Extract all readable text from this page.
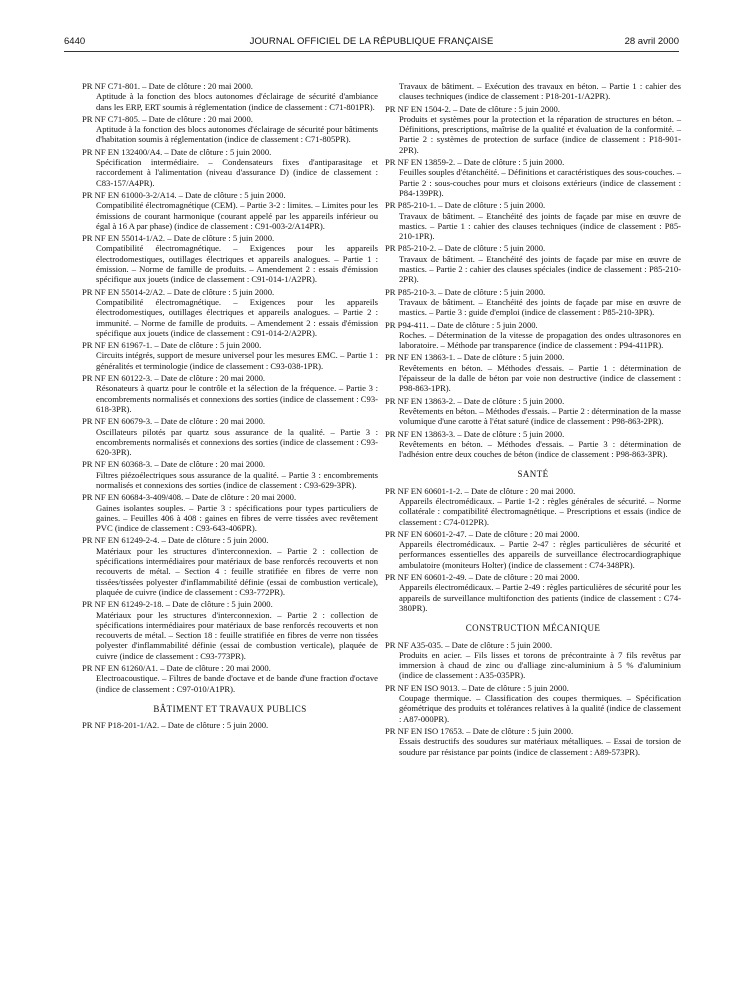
6440	JOURNAL OFFICIEL DE LA RÉPUBLIQUE FRANÇAISE	28 avril 2000
PR NF C71-801. – Date de clôture : 20 mai 2000.
Aptitude à la fonction des blocs autonomes d'éclairage de sécurité d'ambiance dans les ERP, ERT soumis à réglementation (indice de classement : C71-801PR).
PR NF C71-805. – Date de clôture : 20 mai 2000.
Aptitude à la fonction des blocs autonomes d'éclairage de sécurité pour bâtiments d'habitation soumis à réglementation (indice de classement : C71-805PR).
PR NF EN 132400/A4. – Date de clôture : 5 juin 2000.
Spécification intermédiaire. – Condensateurs fixes d'antiparasitage et raccordement à l'alimentation (niveau d'assurance D) (indice de classement : C83-157/A4PR).
PR NF EN 61000-3-2/A14. – Date de clôture : 5 juin 2000.
Compatibilité électromagnétique (CEM). – Partie 3-2 : limites. – Limites pour les émissions de courant harmonique (courant appelé par les appareils inférieur ou égal à 16 A par phase) (indice de classement : C91-003-2/A14PR).
PR NF EN 55014-1/A2. – Date de clôture : 5 juin 2000.
Compatibilité électromagnétique. – Exigences pour les appareils électrodomestiques, outillages électriques et appareils analogues. – Partie 1 : émission. – Norme de famille de produits. – Amendement 2 : essais d'émission spécifique aux jouets (indice de classement : C91-014-1/A2PR).
PR NF EN 55014-2/A2. – Date de clôture : 5 juin 2000.
Compatibilité électromagnétique. – Exigences pour les appareils électrodomestiques, outillages électriques et appareils analogues. – Partie 2 : immunité. – Norme de famille de produits. – Amendement 2 : essais d'émission spécifique aux jouets (indice de classement : C91-014-2/A2PR).
PR NF EN 61967-1. – Date de clôture : 5 juin 2000.
Circuits intégrés, support de mesure universel pour les mesures EMC. – Partie 1 : généralités et terminologie (indice de classement : C93-038-1PR).
PR NF EN 60122-3. – Date de clôture : 20 mai 2000.
Résonateurs à quartz pour le contrôle et la sélection de la fréquence. – Partie 3 : encombrements normalisés et connexions des sorties (indice de classement : C93-618-3PR).
PR NF EN 60679-3. – Date de clôture : 20 mai 2000.
Oscillateurs pilotés par quartz sous assurance de la qualité. – Partie 3 : encombrements normalisés et connexions des sorties (indice de classement : C93-620-3PR).
PR NF EN 60368-3. – Date de clôture : 20 mai 2000.
Filtres piézoélectriques sous assurance de la qualité. – Partie 3 : encombrements normalisés et connexions des sorties (indice de classement : C93-629-3PR).
PR NF EN 60684-3-409/408. – Date de clôture : 20 mai 2000.
Gaines isolantes souples. – Partie 3 : spécifications pour types particuliers de gaines. – Feuilles 406 à 408 : gaines en fibres de verre tissées avec revêtement PVC (indice de classement : C93-643-406PR).
PR NF EN 61249-2-4. – Date de clôture : 5 juin 2000.
Matériaux pour les structures d'interconnexion. – Partie 2 : collection de spécifications intermédiaires pour matériaux de base renforcés recouverts et non recouverts de métal. – Section 4 : feuille stratifiée en fibres de verre non tissées/tissées polyester d'inflammabilité définie (essai de combustion verticale), plaquée de cuivre (indice de classement : C93-772PR).
PR NF EN 61249-2-18. – Date de clôture : 5 juin 2000.
Matériaux pour les structures d'interconnexion. – Partie 2 : collection de spécifications intermédiaires pour matériaux de base renforcés recouverts et non recouverts de métal. – Section 18 : feuille stratifiée en fibres de verre non tissées polyester d'inflammabilité définie (essai de combustion verticale), plaquée de cuivre (indice de classement : C93-773PR).
PR NF EN 61260/A1. – Date de clôture : 20 mai 2000.
Electroacoustique. – Filtres de bande d'octave et de bande d'une fraction d'octave (indice de classement : C97-010/A1PR).
BÂTIMENT ET TRAVAUX PUBLICS
PR NF P18-201-1/A2. – Date de clôture : 5 juin 2000.
Travaux de bâtiment. – Exécution des travaux en béton. – Partie 1 : cahier des clauses techniques (indice de classement : P18-201-1/A2PR).
PR NF EN 1504-2. – Date de clôture : 5 juin 2000.
Produits et systèmes pour la protection et la réparation de structures en béton. – Définitions, prescriptions, maîtrise de la qualité et évaluation de la conformité. – Partie 2 : systèmes de protection de surface (indice de classement : P18-901-2PR).
PR NF EN 13859-2. – Date de clôture : 5 juin 2000.
Feuilles souples d'étanchéité. – Définitions et caractéristiques des sous-couches. – Partie 2 : sous-couches pour murs et cloisons extérieurs (indice de classement : P84-139PR).
PR P85-210-1. – Date de clôture : 5 juin 2000.
Travaux de bâtiment. – Etanchéité des joints de façade par mise en œuvre de mastics. – Partie 1 : cahier des clauses techniques (indice de classement : P85-210-1PR).
PR P85-210-2. – Date de clôture : 5 juin 2000.
Travaux de bâtiment. – Etanchéité des joints de façade par mise en œuvre de mastics. – Partie 2 : cahier des clauses spéciales (indice de classement : P85-210-2PR).
PR P85-210-3. – Date de clôture : 5 juin 2000.
Travaux de bâtiment. – Etanchéité des joints de façade par mise en œuvre de mastics. – Partie 3 : guide d'emploi (indice de classement : P85-210-3PR).
PR P94-411. – Date de clôture : 5 juin 2000.
Roches. – Détermination de la vitesse de propagation des ondes ultrasonores en laboratoire. – Méthode par transparence (indice de classement : P94-411PR).
PR NF EN 13863-1. – Date de clôture : 5 juin 2000.
Revêtements en béton. – Méthodes d'essais. – Partie 1 : détermination de l'épaisseur de la dalle de béton par voie non destructive (indice de classement : P98-863-1PR).
PR NF EN 13863-2. – Date de clôture : 5 juin 2000.
Revêtements en béton. – Méthodes d'essais. – Partie 2 : détermination de la masse volumique d'une carotte à l'état saturé (indice de classement : P98-863-2PR).
PR NF EN 13863-3. – Date de clôture : 5 juin 2000.
Revêtements en béton. – Méthodes d'essais. – Partie 3 : détermination de l'adhésion entre deux couches de béton (indice de classement : P98-863-3PR).
SANTÉ
PR NF EN 60601-1-2. – Date de clôture : 20 mai 2000.
Appareils électromédicaux. – Partie 1-2 : règles générales de sécurité. – Norme collatérale : compatibilité électromagnétique. – Prescriptions et essais (indice de classement : C74-012PR).
PR NF EN 60601-2-47. – Date de clôture : 20 mai 2000.
Appareils électromédicaux. – Partie 2-47 : règles particulières de sécurité et performances essentielles des appareils de surveillance électrocardiographique ambulatoire (moniteurs Holter) (indice de classement : C74-348PR).
PR NF EN 60601-2-49. – Date de clôture : 20 mai 2000.
Appareils électromédicaux. – Partie 2-49 : règles particulières de sécurité pour les appareils de surveillance multifonction des patients (indice de classement : C74-380PR).
CONSTRUCTION MÉCANIQUE
PR NF A35-035. – Date de clôture : 5 juin 2000.
Produits en acier. – Fils lisses et torons de précontrainte à 7 fils revêtus par immersion à chaud de zinc ou d'alliage zinc-aluminium à 5 % d'aluminium (indice de classement : A35-035PR).
PR NF EN ISO 9013. – Date de clôture : 5 juin 2000.
Coupage thermique. – Classification des coupes thermiques. – Spécification géométrique des produits et tolérances relatives à la qualité (indice de classement : A87-000PR).
PR NF EN ISO 17653. – Date de clôture : 5 juin 2000.
Essais destructifs des soudures sur matériaux métalliques. – Essai de torsion de soudure par résistance par points (indice de classement : A89-573PR).
